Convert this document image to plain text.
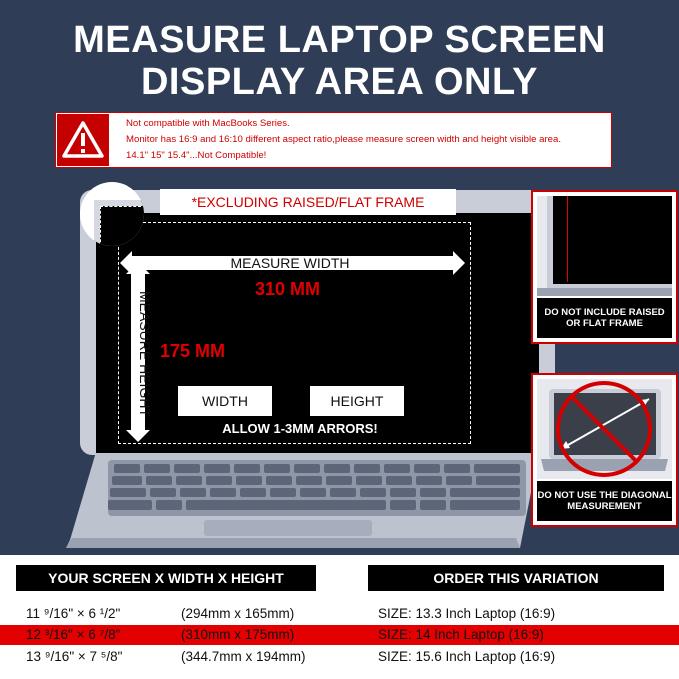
MEASURE LAPTOP SCREEN
DISPLAY AREA ONLY
Not compatible with MacBooks Series.
Monitor has 16:9 and 16:10 different aspect ratio,please measure screen width and height visible area.
14.1" 15" 15.4"...Not Compatible!
MEASURE WIDTH
MEASURE HEIGHT
310 MM
175 MM
WIDTH	HEIGHT
ALLOW 1-3MM ARRORS!
*EXCLUDING RAISED/FLAT FRAME
DO NOT INCLUDE RAISED OR FLAT FRAME
DO NOT USE THE DIAGONAL MEASUREMENT
YOUR SCREEN X WIDTH X HEIGHT	ORDER THIS VARIATION
11 ⁹/16" × 6 ¹/2"	(294mm x 165mm)	SIZE: 13.3 Inch Laptop (16:9)
12 ³/16" × 6 ⁷/8"	(310mm x 175mm)	SIZE: 14 Inch Laptop (16:9)
13 ⁹/16" × 7 ⁵/8"	(344.7mm x 194mm)	SIZE: 15.6 Inch Laptop (16:9)
